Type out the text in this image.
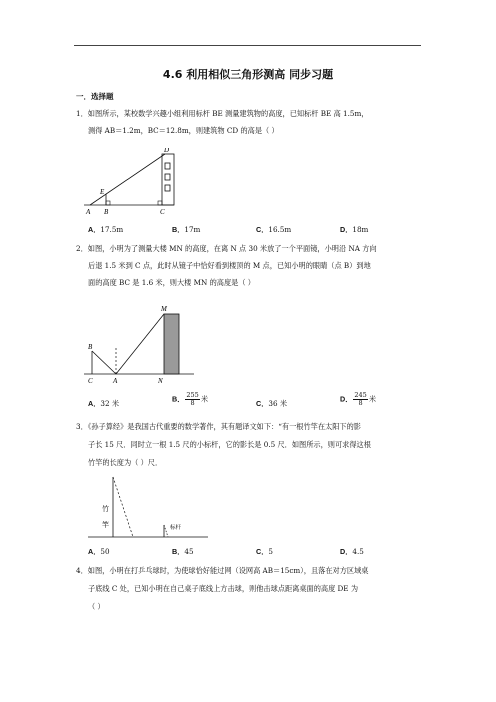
4.6 利用相似三角形测高 同步习题
一．选择题
1．如图所示，某校数学兴趣小组利用标杆 BE 测量建筑物的高度，已知标杆 BE 高 1.5m，
测得 AB＝1.2m，BC＝12.8m，则建筑物 CD 的高是（ ）
D
E
A B	C
A．17.5m	B．17m	C．16.5m	D．18m
2．如图，小明为了测量大楼 MN 的高度，在离 N 点 30 米放了一个平面镜，小明沿 NA 方向
后退 1.5 米到 C 点，此时从镜子中恰好看到楼顶的 M 点，已知小明的眼睛（点 B）到地
面的高度 BC 是 1.6 米，则大楼 MN 的高度是（ ）
M
B
C	A	N
A．32 米	B． $\frac{255}{8}$ 米	C．36 米	D． $\frac{245}{8}$ 米
3．《孙子算经》是我国古代重要的数学著作，其有题译文如下：“有一根竹竿在太阳下的影
子长 15 尺．同时立一根 1.5 尺的小标杆，它的影长是 0.5 尺．如图所示，则可求得这根
竹竿的长度为（ ）尺．
竹
竿	标杆
A．50	B．45	C．5	D．4.5
4．如图，小明在打乒乓球时，为使球恰好能过网（设网高 AB＝15cm），且落在对方区域桌
子底线 C 处，已知小明在自己桌子底线上方击球，则他击球点距离桌面的高度 DE 为
（ ）
